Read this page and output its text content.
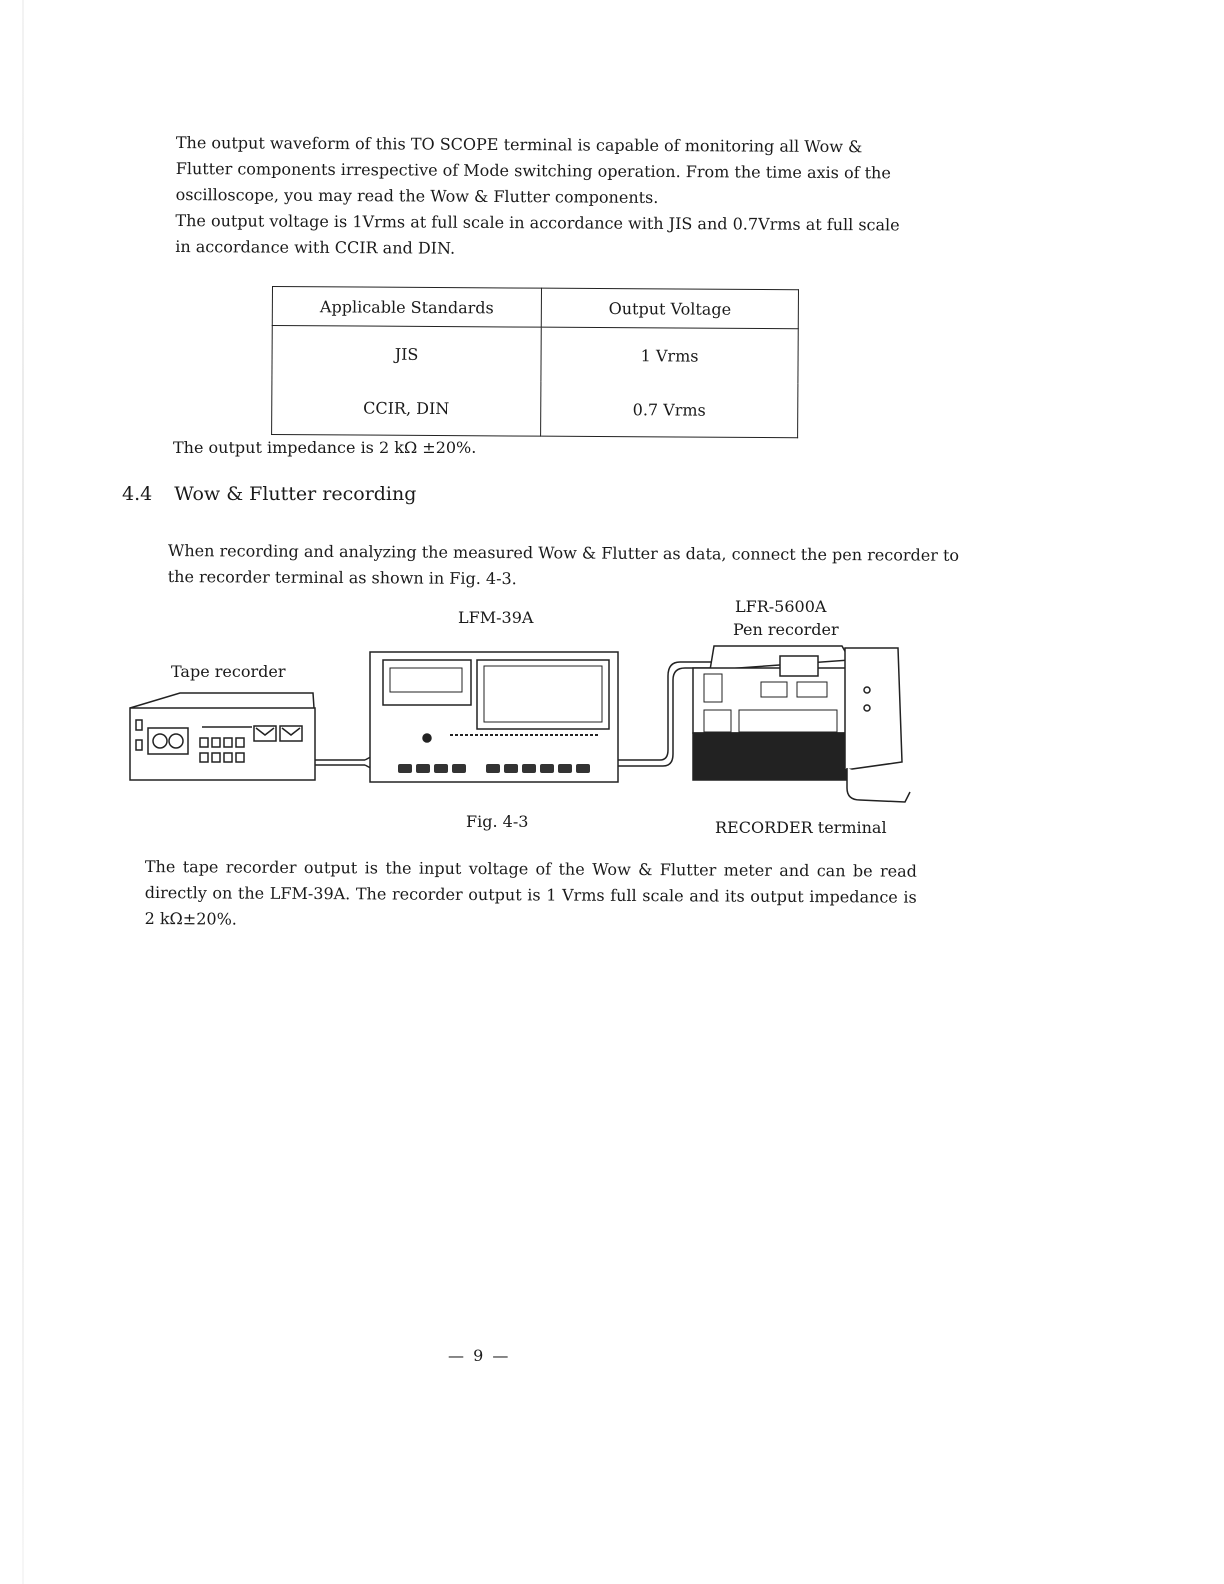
The output waveform of this TO SCOPE terminal is capable of monitoring all Wow &
Flutter components irrespective of Mode switching operation. From the time axis of the
oscilloscope, you may read the Wow & Flutter components.
The output voltage is 1Vrms at full scale in accordance with JIS and 0.7Vrms at full scale
in accordance with CCIR and DIN.
Applicable Standards	Output Voltage
JIS	1 Vrms
CCIR, DIN	0.7 Vrms
The output impedance is 2 kΩ ±20%.
4.4 Wow & Flutter recording
When recording and analyzing the measured Wow & Flutter as data, connect the pen recorder to
the recorder terminal as shown in Fig. 4-3.
LFM-39A
LFR-5600A
Pen recorder
Tape recorder
Fig. 4-3	RECORDER terminal

The tape recorder output is the input voltage of the Wow & Flutter meter and can be read directly on the LFM-39A. The recorder output is 1 Vrms full scale and its output impedance is 2 kΩ±20%.

— 9 —
